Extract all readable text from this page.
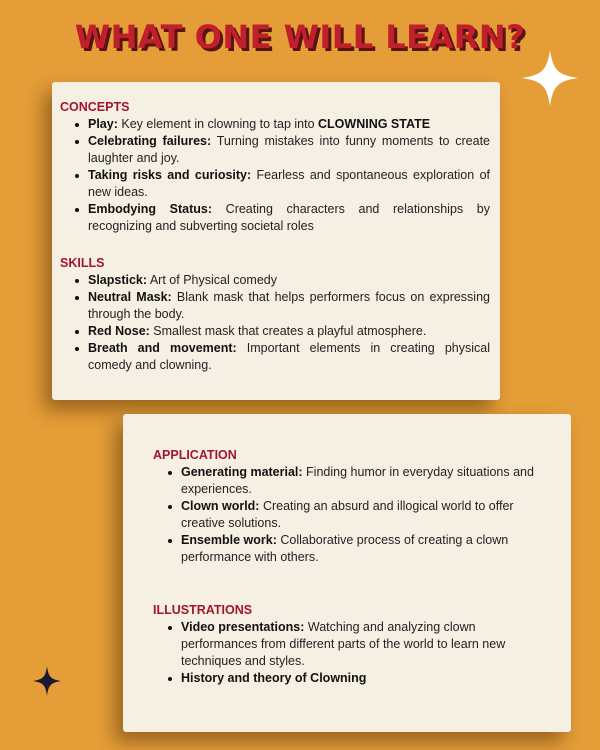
WHAT ONE WILL LEARN?
CONCEPTS
Play: Key element in clowning to tap into CLOWNING STATE
Celebrating failures: Turning mistakes into funny moments to create laughter and joy.
Taking risks and curiosity: Fearless and spontaneous exploration of new ideas.
Embodying Status: Creating characters and relationships by recognizing and subverting societal roles
SKILLS
Slapstick: Art of Physical comedy
Neutral Mask: Blank mask that helps performers focus on expressing through the body.
Red Nose: Smallest mask that creates a playful atmosphere.
Breath and movement: Important elements in creating physical comedy and clowning.
APPLICATION
Generating material: Finding humor in everyday situations and experiences.
Clown world: Creating an absurd and illogical world to offer creative solutions.
Ensemble work: Collaborative process of creating a clown performance with others.
ILLUSTRATIONS
Video presentations: Watching and analyzing clown performances from different parts of the world to learn new techniques and styles.
History and theory of Clowning
